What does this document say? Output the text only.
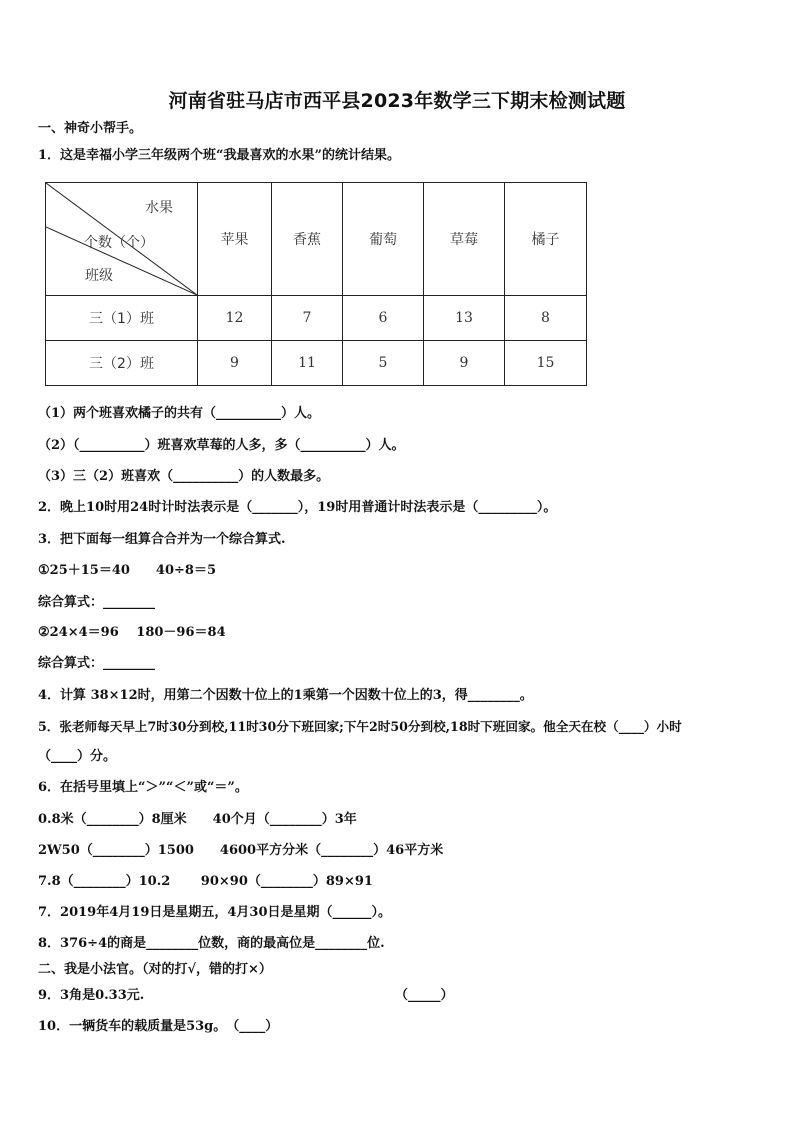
河南省驻马店市西平县2023年数学三下期末检测试题
一、神奇小帮手。
1．这是幸福小学三年级两个班“我最喜欢的水果”的统计结果。
水果
个数（个）
班级	苹果	香蕉	葡萄	草莓	橘子
三（1）班	12	7	6	13	8
三（2）班	9	11	5	9	15
（1）两个班喜欢橘子的共有（__________）人。
（2）（__________）班喜欢草莓的人多，多（__________）人。
（3）三（2）班喜欢（__________）的人数最多。
2．晚上10时用24时计时法表示是（_______），19时用普通计时法表示是（_________）。
3．把下面每一组算合合并为一个综合算式.
①25＋15＝40　　40÷8＝5
综合算式：________
②24×4＝96　 180－96＝84
综合算式：________
4．计算 38×12时，用第二个因数十位上的1乘第一个因数十位上的3，得________。
5．张老师每天早上7时30分到校,11时30分下班回家;下午2时50分到校,18时下班回家。他全天在校（____）小时
（____）分。
6．在括号里填上“＞”“＜”或“＝”。
0.8米（________）8厘米　　40个月（________）3年
2W50（________）1500　　4600平方分米（________）46平方米
7.8（________）10.2　　 90×90（________）89×91
7．2019年4月19日是星期五，4月30日是星期（______）。
8．376÷4的商是________位数，商的最高位是________位.
二、我是小法官。（对的打√，错的打×）
9．3角是0.33元.	（_____）
10．一辆货车的载质量是53g。　（____）
